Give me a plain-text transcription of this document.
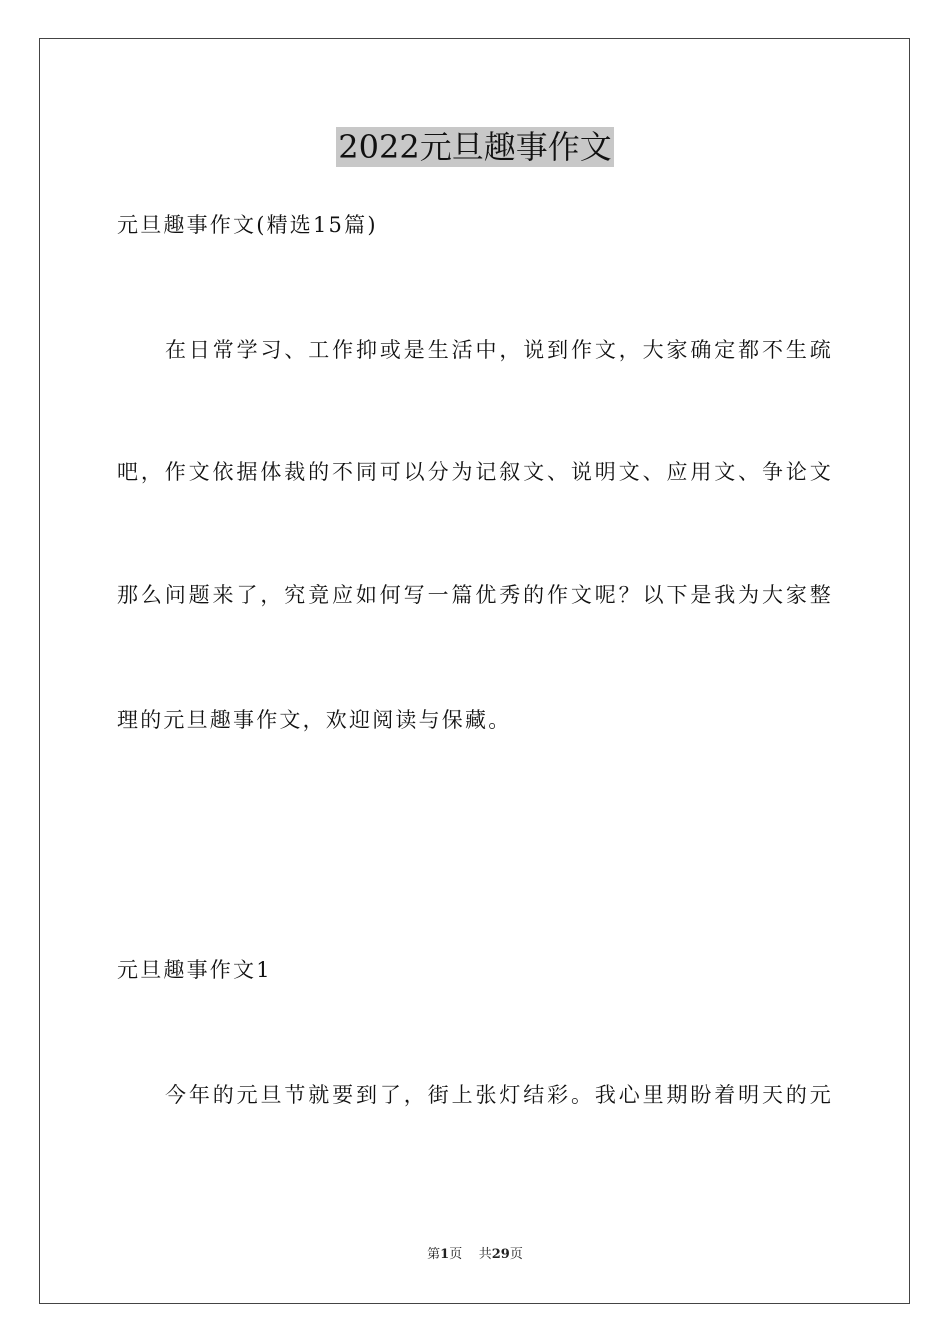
2022元旦趣事作文
元旦趣事作文(精选15篇)
在日常学习、工作抑或是生活中，说到作文，大家确定都不生疏
吧，作文依据体裁的不同可以分为记叙文、说明文、应用文、争论文
那么问题来了，究竟应如何写一篇优秀的作文呢？以下是我为大家整
理的元旦趣事作文，欢迎阅读与保藏。
元旦趣事作文1
今年的元旦节就要到了，街上张灯结彩。我心里期盼着明天的元
第1页 共29页
